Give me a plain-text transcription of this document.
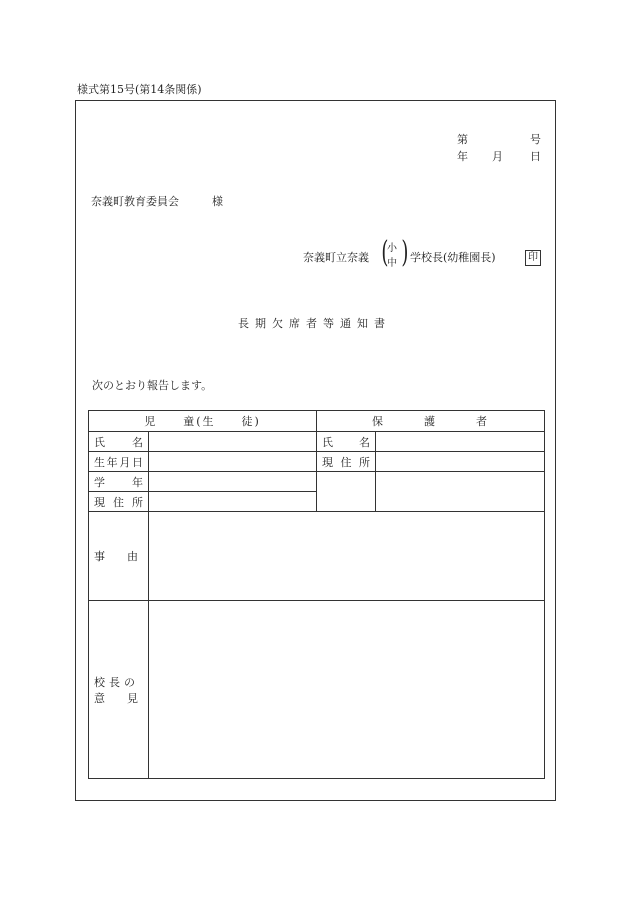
様式第15号(第14条関係)
第	号
年 月 日
奈義町教育委員会	様
奈義町立奈義 (
小
中 ) 学校長(幼稚園長)	印
長期欠席者等通知書
次のとおり報告します。
児　　童(生　　徒)		保　　　護　　　者	
氏名		氏名	
生年月日		現住所	
学年			
現住所			
事　　由			

校長の
意　　見			
